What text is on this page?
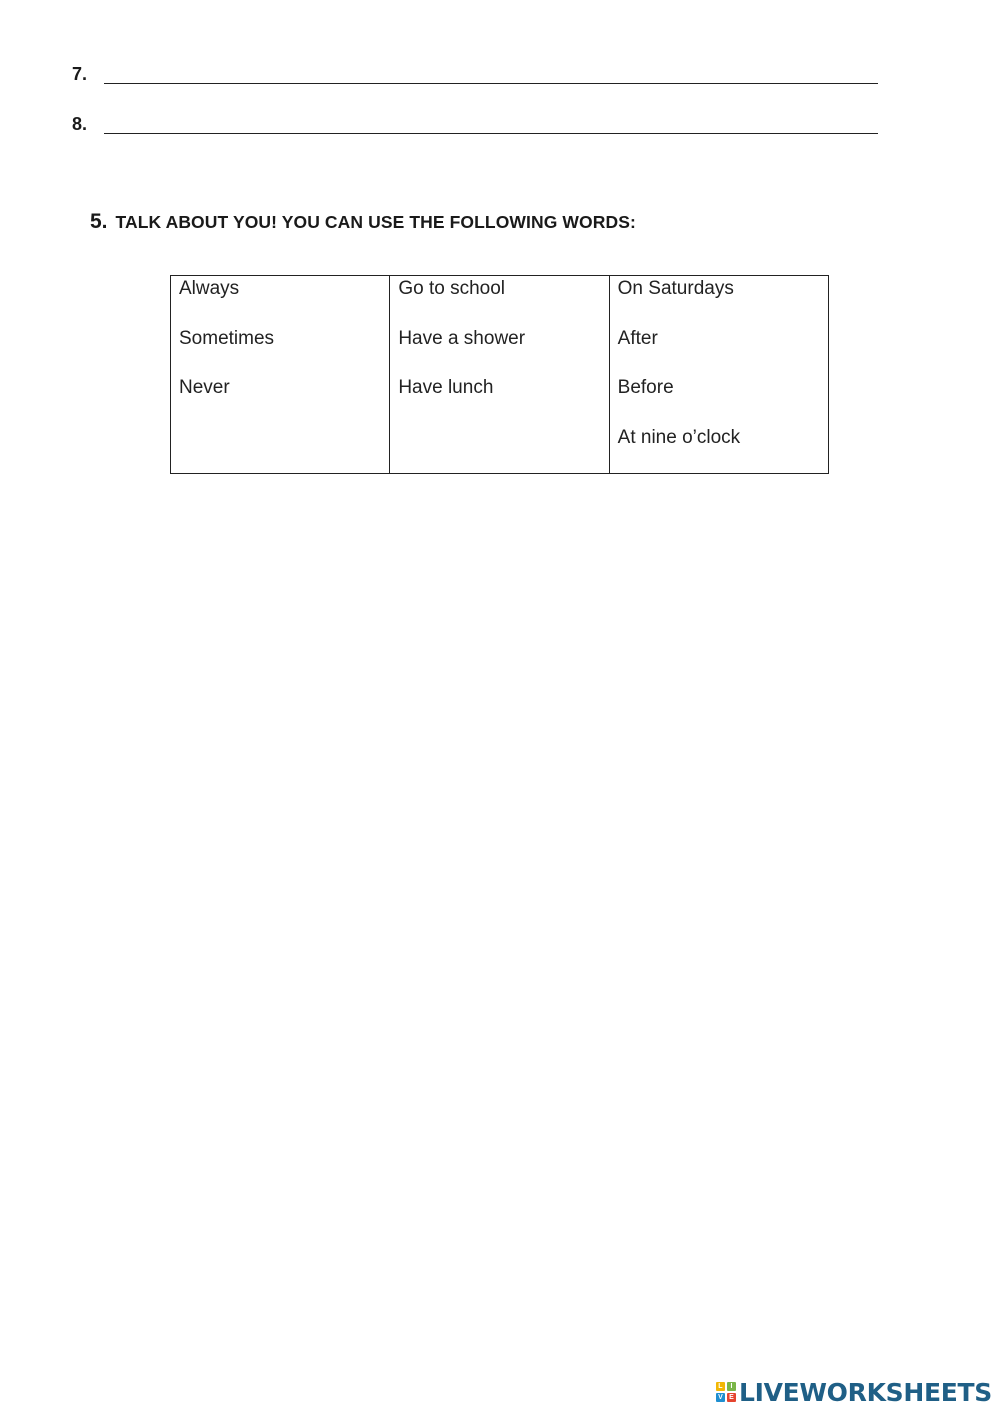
7.
8.
5. TALK ABOUT YOU! YOU CAN USE THE FOLLOWING WORDS:
Always
Sometimes
Never

Go to school
Have a shower
Have lunch

On Saturdays
After
Before
At nine o’clock
L	I
V E LIVEWORKSHEETS
